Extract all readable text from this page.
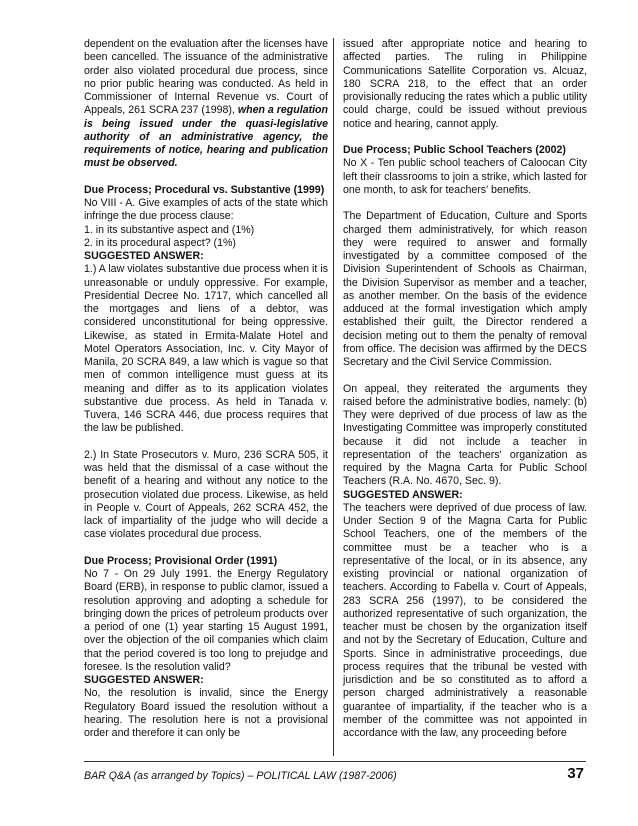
dependent on the evaluation after the licenses have been cancelled. The issuance of the administrative order also violated procedural due process, since no prior public hearing was conducted. As held in Commissioner of Internal Revenue vs. Court of Appeals, 261 SCRA 237 (1998), when a regulation is being issued under the quasi-legislative authority of an administrative agency, the requirements of notice, hearing and publication must be observed.

Due Process; Procedural vs. Substantive (1999)

No VIII - A. Give examples of acts of the state which infringe the due process clause:

1. in its substantive aspect and (1%)

2. in its procedural aspect? (1%)

SUGGESTED ANSWER:

1.) A law violates substantive due process when it is unreasonable or unduly oppressive. For example, Presidential Decree No. 1717, which cancelled all the mortgages and liens of a debtor, was considered unconstitutional for being oppressive. Likewise, as stated in Ermita-Malate Hotel and Motel Operators Association, Inc. v. City Mayor of Manila, 20 SCRA 849, a law which is vague so that men of common intelligence must guess at its meaning and differ as to its application violates substantive due process. As held in Tanada v. Tuvera, 146 SCRA 446, due process requires that the law be published.

2.) In State Prosecutors v. Muro, 236 SCRA 505, it was held that the dismissal of a case without the benefit of a hearing and without any notice to the prosecution violated due process. Likewise, as held in People v. Court of Appeals, 262 SCRA 452, the lack of impartiality of the judge who will decide a case violates procedural due process.

Due Process; Provisional Order (1991)

No 7 - On 29 July 1991. the Energy Regulatory Board (ERB), in response to public clamor, issued a resolution approving and adopting a schedule for bringing down the prices of petroleum products over a period of one (1) year starting 15 August 1991, over the objection of the oil companies which claim that the period covered is too long to prejudge and foresee. Is the resolution valid?

SUGGESTED ANSWER:

No, the resolution is invalid, since the Energy Regulatory Board issued the resolution without a hearing. The resolution here is not a provisional order and therefore it can only be

issued after appropriate notice and hearing to affected parties. The ruling in Philippine Communications Satellite Corporation vs. Alcuaz, 180 SCRA 218, to the effect that an order provisionally reducing the rates which a public utility could charge, could be issued without previous notice and hearing, cannot apply.

Due Process; Public School Teachers (2002)

No X - Ten public school teachers of Caloocan City left their classrooms to join a strike, which lasted for one month, to ask for teachers' benefits.

The Department of Education, Culture and Sports charged them administratively, for which reason they were required to answer and formally investigated by a committee composed of the Division Superintendent of Schools as Chairman, the Division Supervisor as member and a teacher, as another member. On the basis of the evidence adduced at the formal investigation which amply established their guilt, the Director rendered a decision meting out to them the penalty of removal from office. The decision was affirmed by the DECS Secretary and the Civil Service Commission.

On appeal, they reiterated the arguments they raised before the administrative bodies, namely: (b) They were deprived of due process of law as the Investigating Committee was improperly constituted because it did not include a teacher in representation of the teachers' organization as required by the Magna Carta for Public School Teachers (R.A. No. 4670, Sec. 9).

SUGGESTED ANSWER:

The teachers were deprived of due process of law. Under Section 9 of the Magna Carta for Public School Teachers, one of the members of the committee must be a teacher who is a representative of the local, or in its absence, any existing provincial or national organization of teachers. According to Fabella v. Court of Appeals, 283 SCRA 256 (1997), to be considered the authorized representative of such organization, the teacher must be chosen by the organization itself and not by the Secretary of Education, Culture and Sports. Since in administrative proceedings, due process requires that the tribunal be vested with jurisdiction and be so constituted as to afford a person charged administratively a reasonable guarantee of impartiality, if the teacher who is a member of the committee was not appointed in accordance with the law, any proceeding before

BAR Q&A (as arranged by Topics) – POLITICAL LAW (1987-2006)	37
